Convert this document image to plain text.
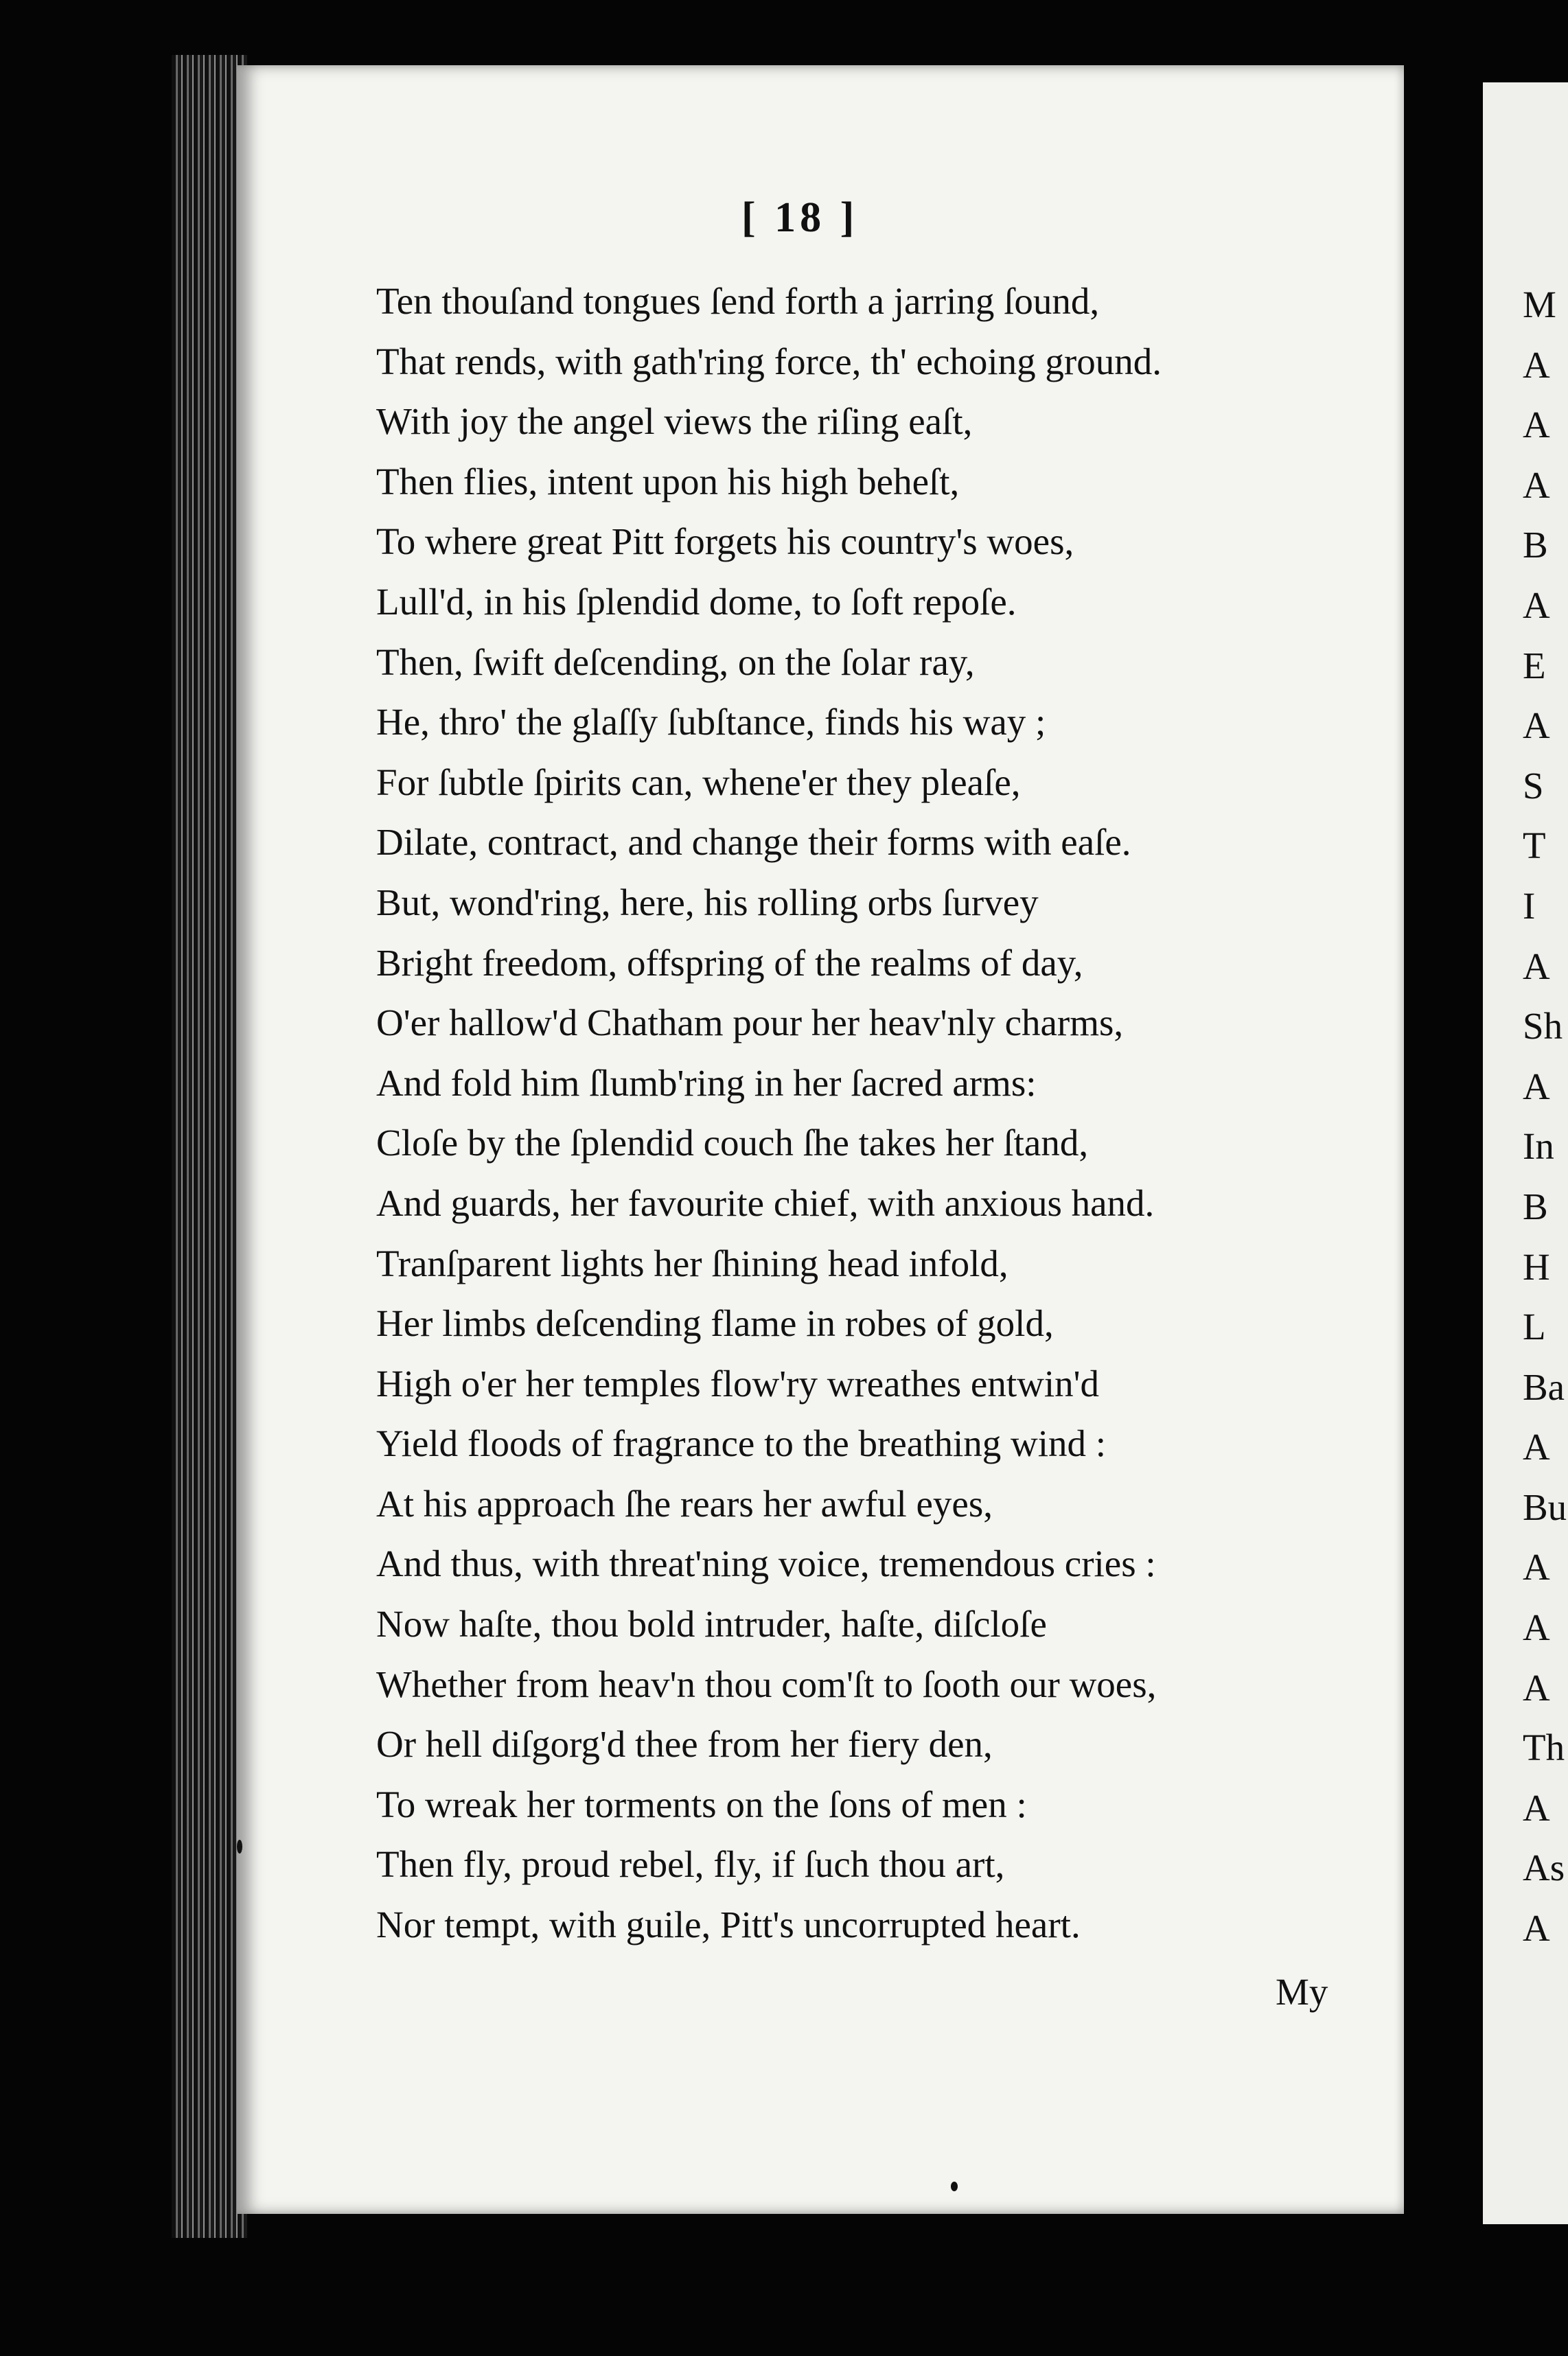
M
A
A
A
B
A
E
A
S
T
I
A
Sh
A
In
B
H
L
Ba
A
Bu
A
A
A
Th
A
As
A
[ 18 ]
Ten thouſand tongues ſend forth a jarring ſound,
That rends, with gath'ring force, th' echoing ground.
With joy the angel views the riſing eaſt,
Then flies, intent upon his high beheſt,
To where great Pitt forgets his country's woes,
Lull'd, in his ſplendid dome, to ſoft repoſe.
Then, ſwift deſcending, on the ſolar ray,
He, thro' the glaſſy ſubſtance, finds his way ;
For ſubtle ſpirits can, whene'er they pleaſe,
Dilate, contract, and change their forms with eaſe.
But, wond'ring, here, his rolling orbs ſurvey
Bright freedom, offspring of the realms of day,
O'er hallow'd Chatham pour her heav'nly charms,
And fold him ſlumb'ring in her ſacred arms:
Cloſe by the ſplendid couch ſhe takes her ſtand,
And guards, her favourite chief, with anxious hand.
Tranſparent lights her ſhining head infold,
Her limbs deſcending flame in robes of gold,
High o'er her temples flow'ry wreathes entwin'd
Yield floods of fragrance to the breathing wind :
At his approach ſhe rears her awful eyes,
And thus, with threat'ning voice, tremendous cries :
Now haſte, thou bold intruder, haſte, diſcloſe
Whether from heav'n thou com'ſt to ſooth our woes,
Or hell diſgorg'd thee from her fiery den,
To wreak her torments on the ſons of men :
Then fly, proud rebel, fly, if ſuch thou art,
Nor tempt, with guile, Pitt's uncorrupted heart.
My
